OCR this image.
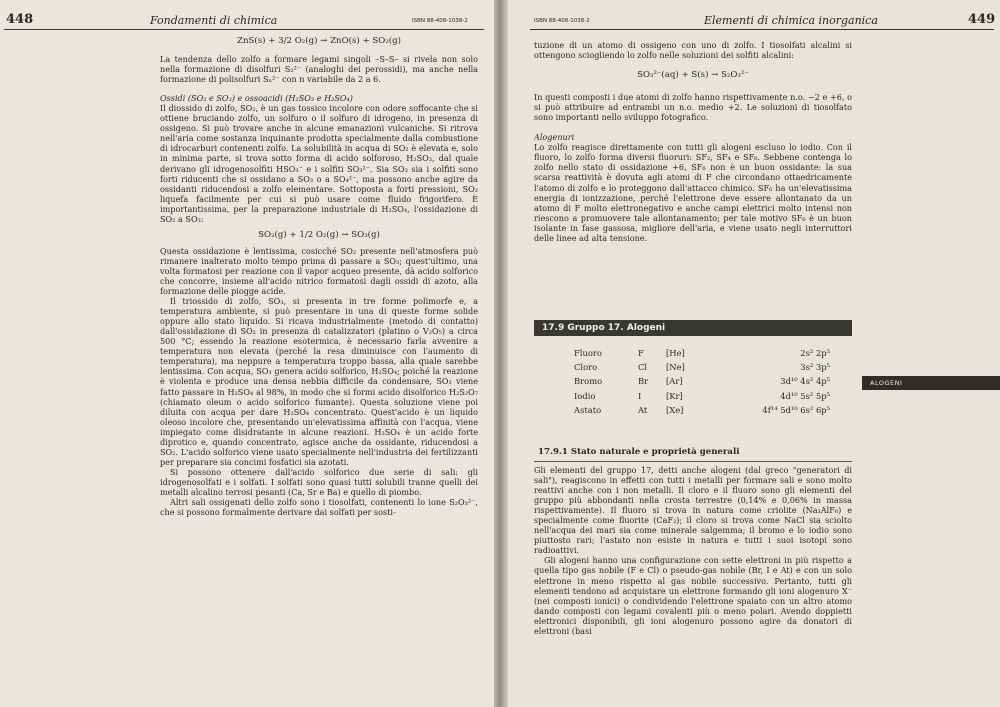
448	Fondamenti di chimica	ISBN 88-408-1038-2

ZnS(s) + 3/2 O₂(g) → ZnO(s) + SO₂(g)

La tendenza dello zolfo a formare legami singoli –S–S– si rivela non solo nella formazione di disolfuri S₂²⁻ (analoghi dei perossidi), ma anche nella formazione di polisolfuri Sₙ²⁻ con n variabile da 2 a 6.

Ossidi (SO₂ e SO₃) e ossoacidi (H₂SO₃ e H₂SO₄)

Il diossido di zolfo, SO₂, è un gas tossico incolore con odore soffocante che si ottiene bruciando zolfo, un solfuro o il solfuro di idrogeno, in presenza di ossigeno. Si può trovare anche in alcune emanazioni vulcaniche. Si ritrova nell'aria come sostanza inquinante prodotta specialmente dalla combustione di idrocarburi contenenti zolfo. La solubilità in acqua di SO₂ è elevata e, solo in minima parte, si trova sotto forma di acido solforoso, H₂SO₃, dal quale derivano gli idrogenosolfiti HSO₃⁻ e i solfiti SO₃²⁻. Sia SO₂ sia i solfiti sono forti riducenti che si ossidano a SO₃ o a SO₄²⁻, ma possono anche agire da ossidanti riducendosi a zolfo elementare. Sottoposta a forti pressioni, SO₂ liquefa facilmente per cui si può usare come fluido frigorifero. È importantissima, per la preparazione industriale di H₂SO₄, l'ossidazione di SO₂ a SO₃:

SO₂(g) + 1/2 O₂(g) → SO₃(g)

Questa ossidazione è lentissima, cosicché SO₂ presente nell'atmosfera può rimanere inalterato molto tempo prima di passare a SO₃; quest'ultimo, una volta formatosi per reazione con il vapor acqueo presente, dà acido solforico che concorre, insieme all'acido nitrico formatosi dagli ossidi di azoto, alla formazione delle piogge acide.

Il triossido di zolfo, SO₃, si presenta in tre forme polimorfe e, a temperatura ambiente, si può presentare in una di queste forme solide oppure allo stato liquido. Si ricava industrialmente (metodo di contatto) dall'ossidazione di SO₂ in presenza di catalizzatori (platino o V₂O₅) a circa 500 °C; essendo la reazione esotermica, è necessario farla avvenire a temperatura non elevata (perché la resa diminuisce con l'aumento di temperatura), ma neppure a temperatura troppo bassa, alla quale sarebbe lentissima. Con acqua, SO₃ genera acido solforico, H₂SO₄; poiché la reazione è violenta e produce una densa nebbia difficile da condensare, SO₃ viene fatto passare in H₂SO₄ al 98%, in modo che si formi acido disolforico H₂S₂O₇ (chiamato oleum o acido solforico fumante). Questa soluzione viene poi diluita con acqua per dare H₂SO₄ concentrato. Quest'acido è un liquido oleoso incolore che, presentando un'elevatissima affinità con l'acqua, viene impiegato come disidratante in alcune reazioni. H₂SO₄ è un acido forte diprotico e, quando concentrato, agisce anche da ossidante, riducendosi a SO₂. L'acido solforico viene usato specialmente nell'industria dei fertilizzanti per preparare sia concimi fosfatici sia azotati.

Si possono ottenere dall'acido solforico due serie di sali: gli idrogenosolfati e i solfati. I solfati sono quasi tutti solubili tranne quelli dei metalli alcalino terrosi pesanti (Ca, Sr e Ba) e quello di piombo.

Altri sali ossigenati dello zolfo sono i tiosolfati, contenenti lo ione S₂O₃²⁻, che si possono formalmente derivare dai solfati per sosti-

ISBN 88-408-1038-2	Elementi di chimica inorganica	449

tuzione di un atomo di ossigeno con uno di zolfo. I tiosolfati alcalini si ottengono sciogliendo lo zolfo nelle soluzioni dei solfiti alcalini:

SO₃²⁻(aq) + S(s) → S₂O₃²⁻

In questi composti i due atomi di zolfo hanno rispettivamente n.o. −2 e +6, o si può attribuire ad entrambi un n.o. medio +2. Le soluzioni di tiosolfato sono importanti nello sviluppo fotografico.

Alogenuri

Lo zolfo reagisce direttamente con tutti gli alogeni escluso lo iodio. Con il fluoro, lo zolfo forma diversi fluoruri: SF₂, SF₄ e SF₆. Sebbene contenga lo zolfo nello stato di ossidazione +6, SF₆ non è un buon ossidante: la sua scarsa reattività è dovuta agli atomi di F che circondano ottaedricamente l'atomo di zolfo e lo proteggono dall'attacco chimico. SF₆ ha un'elevatissima energia di ionizzazione, perché l'elettrone deve essere allontanato da un atomo di F molto elettronegativo e anche campi elettrici molto intensi non riescono a promuovere tale allontanamento; per tale motivo SF₆ è un buon isolante in fase gassosa, migliore dell'aria, e viene usato negli interruttori delle linee ad alta tensione.

17.9 Gruppo 17. Alogeni
Fluoro	F	[He]	2s² 2p⁵
Cloro	Cl	[Ne]	3s² 3p⁵
Bromo	Br	[Ar]	3d¹⁰ 4s² 4p⁵
Iodio	I	[Kr]	4d¹⁰ 5s² 5p⁵
Astato	At	[Xe]	4f¹⁴ 5d¹⁰ 6s² 6p⁵
17.9.1 Stato naturale e proprietà generali

Gli elementi del gruppo 17, detti anche alogeni (dal greco "generatori di sali"), reagiscono in effetti con tutti i metalli per formare sali e sono molto reattivi anche con i non metalli. Il cloro e il fluoro sono gli elementi del gruppo più abbondanti nella crosta terrestre (0,14% e 0,06% in massa rispettivamente). Il fluoro si trova in natura come criolite (Na₃AlF₆) e specialmente come fluorite (CaF₂); il cloro si trova come NaCl sia sciolto nell'acqua dei mari sia come minerale salgemma; il bromo e lo iodio sono piuttosto rari; l'astato non esiste in natura e tutti i suoi isotopi sono radioattivi.

Gli alogeni hanno una configurazione con sette elettroni in più rispetto a quella tipo gas nobile (F e Cl) o pseudo-gas nobile (Br, I e At) e con un solo elettrone in meno rispetto al gas nobile successivo. Pertanto, tutti gli elementi tendono ad acquistare un elettrone formando gli ioni alogenuro X⁻ (nei composti ionici) o condividendo l'elettrone spaiato con un altro atomo dando composti con legami covalenti più o meno polari. Avendo doppietti elettronici disponibili, gli ioni alogenuro possono agire da donatori di elettroni (basi

ALOGENI
